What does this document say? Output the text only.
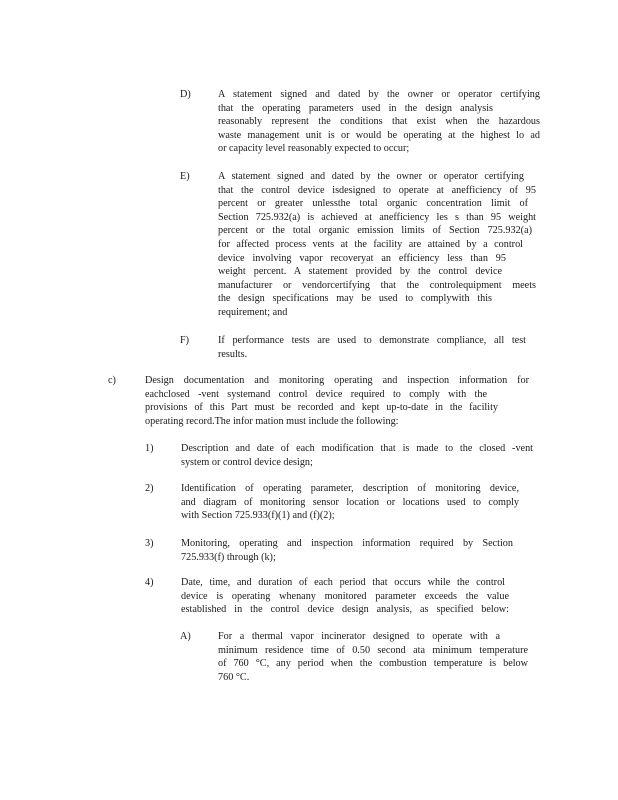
D)	A statement signed and dated by the owner or operator certifying
that the operating parameters used in the design analysis
reasonably represent the conditions that exist when the hazardous
waste management unit is or would be operating at the highest lo ad
or capacity level reasonably expected to occur;
E)	A statement signed and dated by the owner or operator certifying
that the control device isdesigned to operate at anefficiency of 95
percent or greater unlessthe total organic concentration limit of
Section 725.932(a) is achieved at anefficiency les s than 95 weight
percent or the total organic emission limits of Section 725.932(a)
for affected process vents at the facility are attained by a control
device involving vapor recoveryat an efficiency less than 95
weight percent. A statement provided by the control device
manufacturer or vendorcertifying that the controlequipment meets
the design specifications may be used to complywith this
requirement; and
F)	If performance tests are used to demonstrate compliance, all test
results.
c)	Design documentation and monitoring operating and inspection information for
eachclosed -vent systemand control device required to comply with the
provisions of this Part must be recorded and kept up-to-date in the facility
operating record.The infor mation must include the following:
1)	Description and date of each modification that is made to the closed -vent
system or control device design;
2)	Identification of operating parameter, description of monitoring device,
and diagram of monitoring sensor location or locations used to comply
with Section 725.933(f)(1) and (f)(2);
3)	Monitoring, operating and inspection information required by Section
725.933(f) through (k);
4)	Date, time, and duration of each period that occurs while the control
device is operating whenany monitored parameter exceeds the value
established in the control device design analysis, as specified below:
A)	For a thermal vapor incinerator designed to operate with a
minimum residence time of 0.50 second ata minimum temperature
of 760 °C, any period when the combustion temperature is below
760 °C.
